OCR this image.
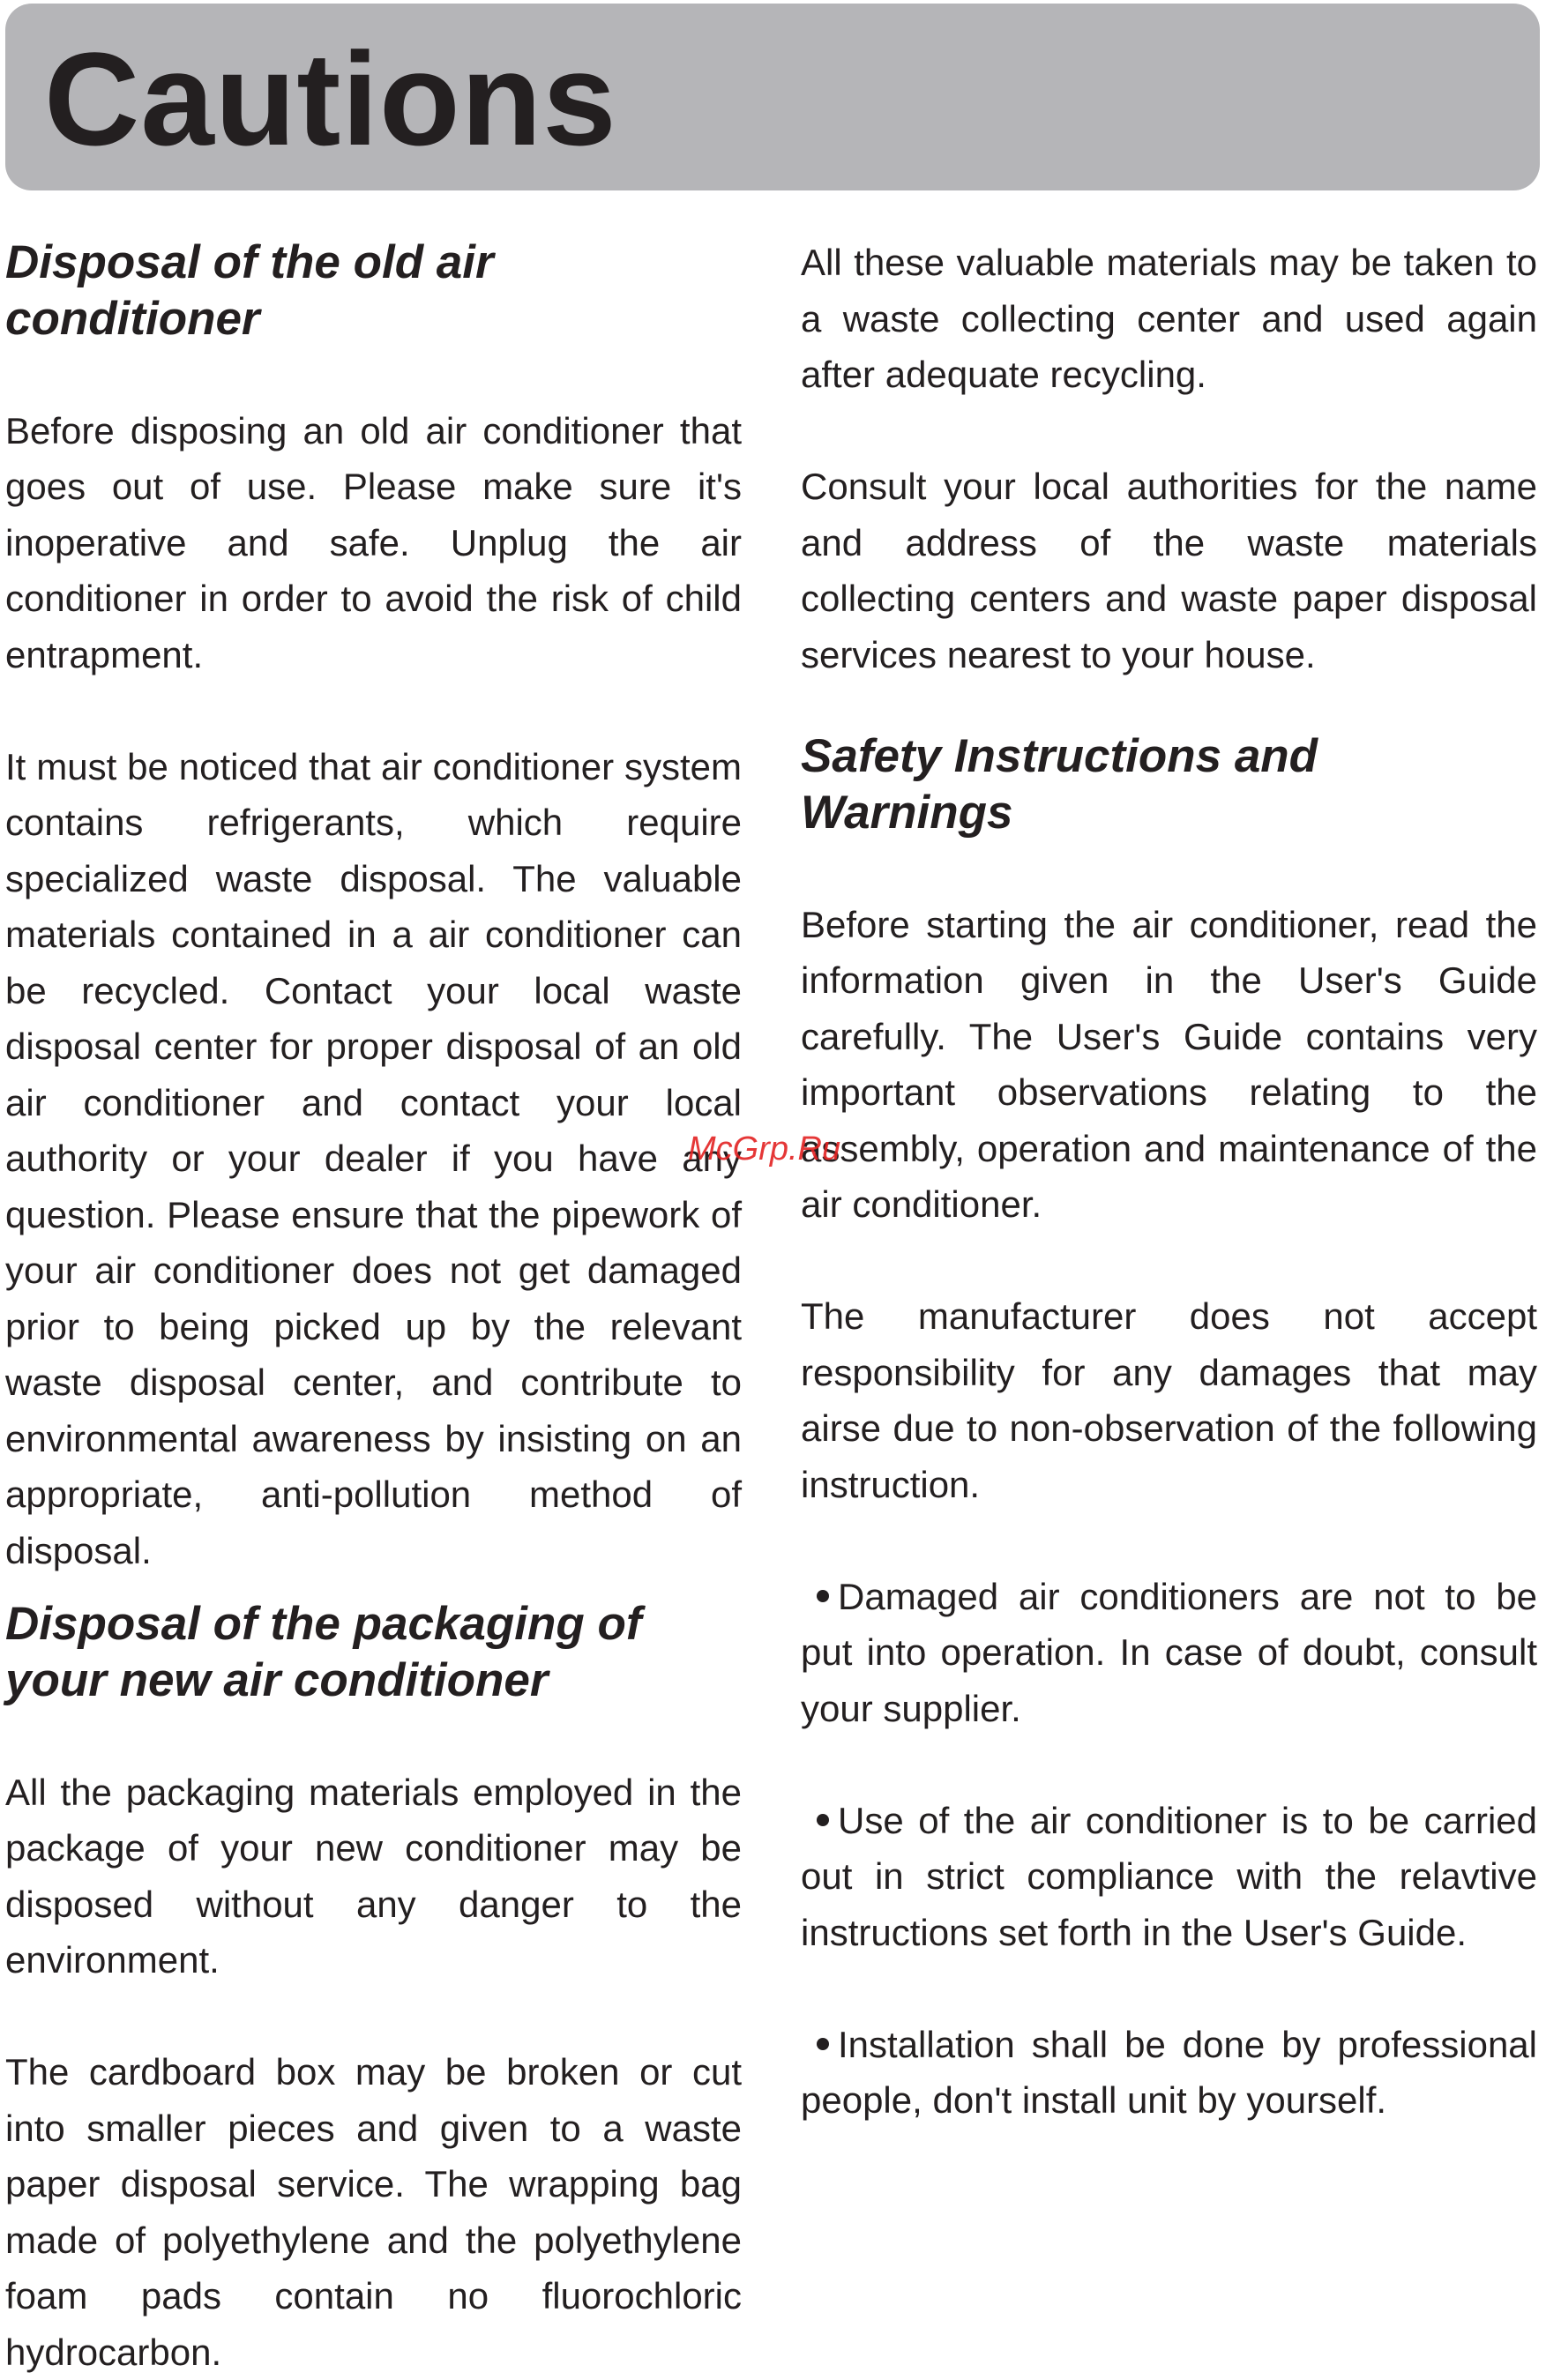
Cautions
Disposal of the old air conditioner

Before disposing an old air conditioner that goes out of use. Please make sure it's inoperative and safe. Unplug the air conditioner in order to avoid the risk of child entrapment.

It must be noticed that air conditioner system contains refrigerants, which require specialized waste disposal. The valuable materials contained in a air conditioner can be recycled. Contact your local waste disposal center for proper disposal of an old air conditioner and contact your local authority or your dealer if you have any question. Please ensure that the pipework of your air conditioner does not get damaged prior to being picked up by the relevant waste disposal center, and contribute to environmental awareness by insisting on an appropriate, anti-pollution method of disposal.

Disposal of the packaging of your new air conditioner

All the packaging materials employed in the package of your new conditioner may be disposed without any danger to the environment.

The cardboard box may be broken or cut into smaller pieces and given to a waste paper disposal service. The wrapping bag made of polyethylene and the polyethylene foam pads contain no fluorochloric hydrocarbon.

All these valuable materials may be taken to a waste collecting center and used again after adequate recycling.

Consult your local authorities for the name and address of the waste materials collecting centers and waste paper disposal services nearest to your house.

Safety Instructions and Warnings

Before starting the air conditioner, read the information given in the User's Guide carefully. The User's Guide contains very important observations relating to the assembly, operation and maintenance of the air conditioner.

The manufacturer does not accept responsibility for any damages that may airse due to non-observation of the following instruction.

Damaged air conditioners are not to be put into operation. In case of doubt, consult your supplier.

Use of the air conditioner is to be carried out in strict compliance with the relavtive instructions set forth in the User's Guide.

Installation shall be done by professional people, don't install unit by yourself.

McGrp.Ru
